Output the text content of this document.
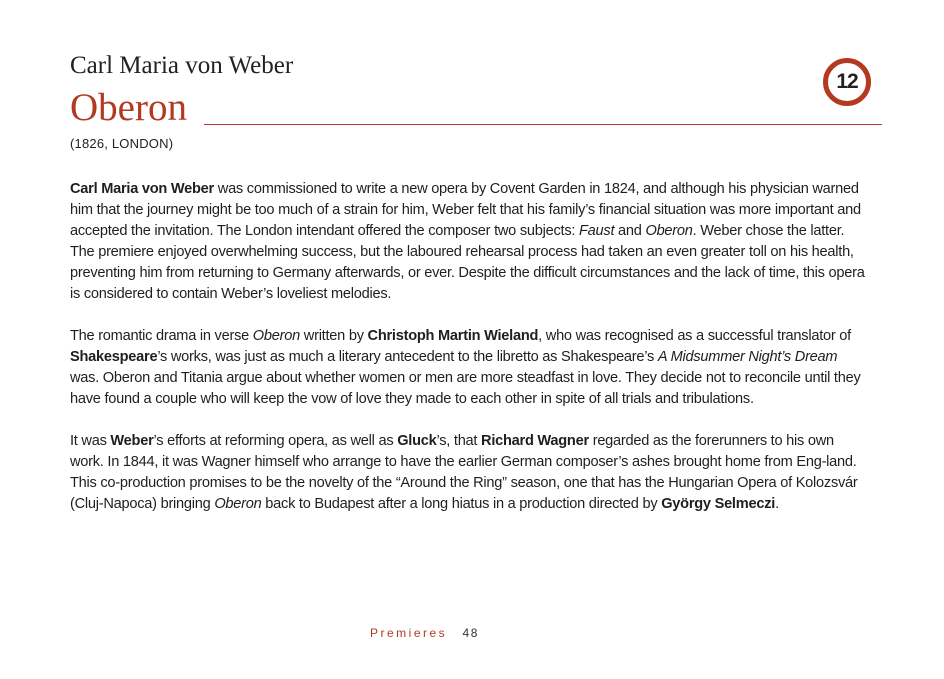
Carl Maria von Weber
Oberon
12
(1826, LONDON)

Carl Maria von Weber was commissioned to write a new opera by Covent Garden in 1824, and although his physician warned him that the journey might be too much of a strain for him, Weber felt that his family’s financial situation was more important and accepted the invitation. The London intendant offered the composer two subjects: Faust and Oberon. Weber chose the latter. The premiere enjoyed overwhelming success, but the laboured rehearsal process had taken an even greater toll on his health, preventing him from returning to Germany afterwards, or ever. Despite the difficult circumstances and the lack of time, this opera is considered to contain Weber’s loveliest melodies.

The romantic drama in verse Oberon written by Christoph Martin Wieland, who was recognised as a successful translator of Shakespeare’s works, was just as much a literary antecedent to the libretto as Shakespeare’s A Midsummer Night’s Dream was. Oberon and Titania argue about whether women or men are more steadfast in love. They decide not to reconcile until they have found a couple who will keep the vow of love they made to each other in spite of all trials and tribulations.

It was Weber’s efforts at reforming opera, as well as Gluck’s, that Richard Wagner regarded as the forerunners to his own work. In 1844, it was Wagner himself who arrange to have the earlier German composer’s ashes brought home from Eng-land. This co-production promises to be the novelty of the “Around the Ring” season, one that has the Hungarian Opera of Kolozsvár (Cluj-Napoca) bringing Oberon back to Budapest after a long hiatus in a production directed by György Selmeczi.

Premieres 48
